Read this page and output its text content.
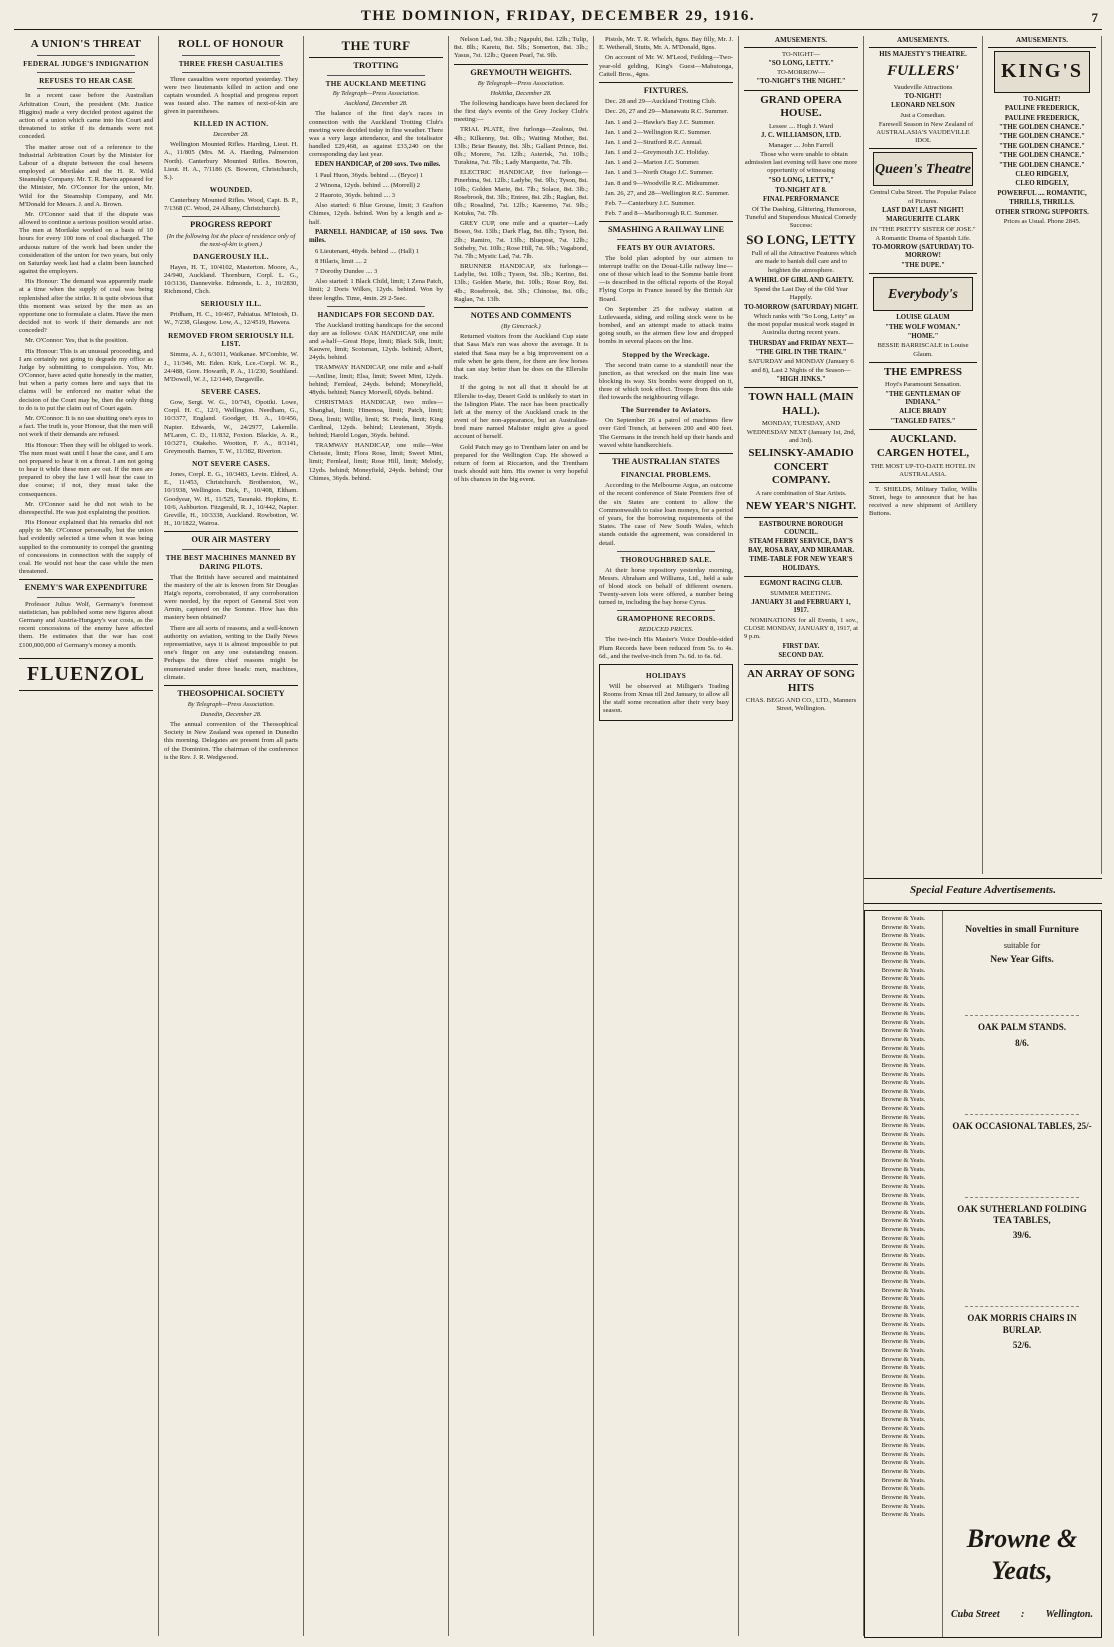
THE DOMINION, FRIDAY, DECEMBER 29, 1916.	7
A UNION'S THREAT
FEDERAL JUDGE'S INDIGNATION
REFUSES TO HEAR CASE

In a recent case before the Australian Arbitration Court, the president (Mr. Justice Higgins) made a very decided protest against the action of a union which came into his Court and threatened to strike if its demands were not conceded.

The matter arose out of a reference to the Industrial Arbitration Court by the Minister for Labour of a dispute between the coal hewers employed at Mortlake and the H. R. Wild Steamship Company. Mr. T. R. Bavin appeared for the Minister, Mr. O'Connor for the union, Mr. Wild for the Steamship Company, and Mr. M'Donald for Messrs. J. and A. Brown.

Mr. O'Connor said that if the dispute was allowed to continue a serious position would arise. The men at Mortlake worked on a basis of 10 hours for every 100 tons of coal discharged. The arduous nature of the work had been under the consideration of the union for two years, but only on Saturday week last had a claim been launched against the employers.

His Honour: The demand was apparently made at a time when the supply of coal was being replenished after the strike. It is quite obvious that this moment was seized by the men as an opportune one to formulate a claim. Have the men decided not to work if their demands are not conceded?

Mr. O'Connor: Yes, that is the position.

His Honour: This is an unusual proceeding, and I am certainly not going to degrade my office as Judge by submitting to compulsion. You, Mr. O'Connor, have acted quite honestly in the matter, but when a party comes here and says that its claims will be enforced no matter what the decision of the Court may be, then the only thing to do is to put the claim out of Court again.

Mr. O'Connor: It is no use shutting one's eyes to a fact. The truth is, your Honour, that the men will not work if their demands are refused.

His Honour: Then they will be obliged to work. The men must wait until I hear the case, and I am not prepared to hear it on a threat. I am not going to hear it while these men are out. If the men are prepared to obey the law I will hear the case in due course; if not, they must take the consequences.

Mr. O'Connor said he did not wish to be disrespectful. He was just explaining the position.

His Honour explained that his remarks did not apply to Mr. O'Connor personally, but the union had evidently selected a time when it was being supplied to the community to compel the granting of concessions in connection with the supply of coal. He would not hear the case while the men threatened.

ENEMY'S WAR EXPENDITURE

Professor Julius Wolf, Germany's foremost statistician, has published some new figures about Germany and Austria-Hungary's war costs, as the recent concessions of the enemy have affected them. He estimates that the war has cost £100,000,000 of Germany's money a month.

FLUENZOL
ROLL OF HONOUR
THREE FRESH CASUALTIES

Three casualties were reported yesterday. They were two lieutenants killed in action and one captain wounded. A hospital and progress report was issued also. The names of next-of-kin are given in parentheses.

KILLED IN ACTION.
December 28.

Wellington Mounted Rifles. Harding, Lieut. H. A., 11/805 (Mrs. M. A. Harding, Palmerston North). Canterbury Mounted Rifles. Bowron, Lieut. H. A., 7/1186 (S. Bowron, Christchurch, S.).

WOUNDED.

Canterbury Mounted Rifles. Wood, Capt. B. P., 7/1368 (C. Wood, 24 Albany, Christchurch).

PROGRESS REPORT
(In the following list the place of residence only of the next-of-kin is given.)
DANGEROUSLY ILL.

Hayes, H. T., 10/4102, Masterton. Moore, A., 24/940, Auckland. Thornburn, Corpl. L. G., 10/3136, Dannevirke. Edmonds, L. J., 10/2830, Richmond, Chch.

SERIOUSLY ILL.

Pridham, H. C., 10/467, Pahiatua. M'Intosh, D. W., 7/238, Glasgow. Low, A., 12/4519, Hawera.

REMOVED FROM SERIOUSLY ILL LIST.

Simms, A. J., 6/3011, Waikanae. M'Combie, W. J., 11/346, Mt. Eden. Kirk, Lce.-Corpl. W. R., 24/488, Gore. Howarth, P. A., 11/230, Southland. M'Dowell, W. J., 12/1440, Dargaville.

SEVERE CASES.

Gow, Sergt. W. G., 10/743, Opotiki. Lowe, Corpl. H. C., 12/1, Wellington. Needham, G., 10/3377, England. Goodger, H. A., 10/456, Napier. Edwards, W., 24/2977, Lakemlle. M'Laren, C. D., 11/832, Foxton. Blackie, A. R., 10/3271, Otakeho. Wootton, F. A., 8/3141, Greymouth. Barnes, T. W., 11/382, Riverton.

NOT SEVERE CASES.

Jones, Corpl. E. G., 10/3483, Levin. Eldred, A. E., 11/453, Christchurch. Brotherston, W., 10/1938, Wellington. Dick, F., 10/408, Eltham. Goodyear, W. H., 11/525, Taranaki. Hopkins, E. 10/6, Ashburton. Fitzgerald, R. J., 10/442, Napier. Greville, H., 10/3338, Auckland. Rowbotton, W. H., 10/1822, Wairoa.

OUR AIR MASTERY
THE BEST MACHINES MANNED BY DARING PILOTS.

That the British have secured and maintained the mastery of the air is known from Sir Douglas Haig's reports, corroborated, if any corroboration were needed, by the report of General Sixt von Armin, captured on the Somme. How has this mastery been obtained?

There are all sorts of reasons, and a well-known authority on aviation, writing to the Daily News representative, says it is almost impossible to put one's finger on any one outstanding reason. Perhaps the three chief reasons might be enumerated under three heads: men, machines, climate.

THEOSOPHICAL SOCIETY
By Telegraph—Press Association.
Dunedin, December 28.

The annual convention of the Theosophical Society in New Zealand was opened in Dunedin this morning. Delegates are present from all parts of the Dominion. The chairman of the conference is the Rev. J. R. Wedgwood.

THE TURF
TROTTING
THE AUCKLAND MEETING
By Telegraph—Press Association.
Auckland, December 28.

The balance of the first day's races in connection with the Auckland Trotting Club's meeting were decided today in fine weather. There was a very large attendance, and the totalisator handled £29,468, as against £33,240 on the corresponding day last year.

EDEN HANDICAP, of 200 sovs. Two miles.

1 Paul Huon, 36yds. behind .... (Bryce) 1

2 Winona, 12yds. behind .... (Morrell) 2

2 Hauroto, 36yds. behind .... 3

Also started: 6 Blue Grouse, limit; 3 Grafton Chimes, 12yds. behind. Won by a length and a-half.

PARNELL HANDICAP, of 150 sovs. Two miles.

6 Lieutenant, 48yds. behind .... (Hall) 1

8 Hilaris, limit .... 2

7 Dorothy Dundee .... 3

Also started: 1 Black Child, limit; 1 Zena Patch, limit; 2 Doris Wilkes, 12yds. behind. Won by three lengths. Time, 4min. 29 2-5sec.

HANDICAPS FOR SECOND DAY.

The Auckland trotting handicaps for the second day are as follows: OAK HANDICAP, one mile and a-half—Great Hope, limit; Black Silk, limit; Kauwre, limit; Scotsman, 12yds. behind; Albert, 24yds. behind.

TRAMWAY HANDICAP, one mile and a-half—Aniline, limit; Elsa, limit; Sweet Mint, 12yds. behind; Fernleaf, 24yds. behind; Moneyfield, 48yds. behind; Nancy Morwell, 60yds. behind.

CHRISTMAS HANDICAP, two miles—Shanghai, limit; Hinemoa, limit; Patch, limit; Dora, limit; Willie, limit; St. Freda, limit; King Cardinal, 12yds. behind; Lieutenant, 36yds. behind; Harold Logan, 36yds. behind.

TRAMWAY HANDICAP, one mile—Wee Chrissie, limit; Flora Rose, limit; Sweet Mint, limit; Fernleaf, limit; Rose Hill, limit; Melody, 12yds. behind; Moneyfield, 24yds. behind; Our Chimes, 36yds. behind.

Nelson Lad, 9st. 3lb.; Ngapuhi, 8st. 12lb.; Tulip, 8st. 8lb.; Karetu, 8st. 5lb.; Somerton, 8st. 3lb.; Yasus, 7st. 12lb.; Queen Pearl, 7st. 9lb.

GREYMOUTH WEIGHTS.
By Telegraph—Press Association.
Hokitika, December 28.

The following handicaps have been declared for the first day's events of the Grey Jockey Club's meeting:—

TRIAL PLATE, five furlongs—Zealous, 9st. 4lb.; Kilkenny, 9st. 0lb.; Waiting Mother, 8st. 13lb.; Briar Beauty, 8st. 3lb.; Gallant Prince, 8st. 0lb.; Morere, 7st. 12lb.; Asterisk, 7st. 10lb.; Turakina, 7st. 7lb.; Lady Marquette, 7st. 7lb.

ELECTRIC HANDICAP, five furlongs—Pinerbina, 9st. 12lb.; Ladybe, 9st. 9lb.; Tyson, 8st. 10lb.; Golden Marie, 8st. 7lb.; Solace, 8st. 3lb.; Rosebrook, 8st. 3lb.; Entree, 8st. 2lb.; Raglan, 8st. 0lb.; Rosalind, 7st. 12lb.; Kareemo, 7st. 9lb.; Kotuku, 7st. 7lb.

GREY CUP, one mile and a quarter—Lady Bosso, 9st. 13lb.; Dark Flag, 8st. 8lb.; Tyson, 8st. 2lb.; Ramiro, 7st. 13lb.; Bluepost, 7st. 12lb.; Sotheby, 7st. 10lb.; Rose Hill, 7st. 9lb.; Vagabond, 7st. 7lb.; Mystic Lad, 7st. 7lb.

BRUNNER HANDICAP, six furlongs—Ladylie, 9st. 10lb.; Tyson, 9st. 3lb.; Kerino, 8st. 13lb.; Golden Marie, 8st. 10lb.; Rose Roy, 8st. 4lb.; Rosebrook, 8st. 3lb.; Chinoise, 8st. 0lb.; Raglan, 7st. 13lb.

NOTES AND COMMENTS
(By Gimcrack.)

Returned visitors from the Auckland Cup state that Sasa Ma's run was above the average. It is stated that Sasa may be a big improvement on a mile when he gets there, for there are few horses that can stay better than he does on the Ellerslie track.

If the going is not all that it should be at Ellerslie to-day, Desert Gold is unlikely to start in the Islington Plate. The race has been practically left at the mercy of the Auckland crack in the event of her non-appearance, but an Australian-bred mare named Maltster might give a good account of herself.

Gold Patch may go to Trentham later on and be prepared for the Wellington Cup. He showed a return of form at Riccarton, and the Trentham track should suit him. His owner is very hopeful of his chances in the big event.

Pistols, Mr. T. R. Whelch, 8gns. Bay filly, Mr. J. E. Wetherall, Stutts, Mr. A. M'Donald, 8gns.

On account of Mr. W. M'Leod, Feilding—Two-year-old gelding, King's Guest—Mahutonga, Cattell Bros., 4gns.

FIXTURES.

Dec. 28 and 29—Auckland Trotting Club.

Dec. 26, 27 and 29—Manawatu R.C. Summer.

Jan. 1 and 2—Hawke's Bay J.C. Summer.

Jan. 1 and 2—Wellington R.C. Summer.

Jan. 1 and 2—Stratford R.C. Annual.

Jan. 1 and 2—Greymouth J.C. Holiday.

Jan. 1 and 2—Marton J.C. Summer.

Jan. 1 and 3—North Otago J.C. Summer.

Jan. 8 and 9—Woodville R.C. Midsummer.

Jan. 26, 27, and 28—Wellington R.C. Summer.

Feb. 7—Canterbury J.C. Summer.

Feb. 7 and 8—Marlborough R.C. Summer.

SMASHING A RAILWAY LINE
FEATS BY OUR AVIATORS.

The bold plan adopted by our airmen to interrupt traffic on the Douai-Lille railway line—one of those which lead to the Somme battle front—is described in the official reports of the Royal Flying Corps in France issued by the British Air Board.

On September 25 the railway station at Lutlevaarda, siding, and rolling stock were to be bombed, and an attempt made to attack trains going south, so the airmen flew low and dropped bombs in several places on the line.

Stopped by the Wreckage.

The second train came to a standstill near the junction, as that wrecked on the main line was blocking its way. Six bombs were dropped on it, three of which took effect. Troops from this side fled towards the neighbouring village.

The Surrender to Aviators.

On September 26 a patrol of machines flew over Gird Trench, at between 200 and 400 feet. The Germans in the trench held up their hands and waved white handkerchiefs.

THE AUSTRALIAN STATES
FINANCIAL PROBLEMS.

According to the Melbourne Argus, an outcome of the recent conference of State Premiers five of the six States are content to allow the Commonwealth to raise loan moneys, for a period of years, for the borrowing requirements of the States. The case of New South Wales, which stands outside the agreement, was considered in detail.

THOROUGHBRED SALE.

At their horse repository yesterday morning, Messrs. Abraham and Williams, Ltd., held a sale of blood stock on behalf of different owners. Twenty-seven lots were offered, a number being turned in, including the bay horse Cyrus.

GRAMOPHONE RECORDS.
REDUCED PRICES.

The two-inch His Master's Voice Double-sided Plum Records have been reduced from 5s. to 4s. 6d., and the twelve-inch from 7s. 6d. to 6s. 6d.

HOLIDAYS

Will be observed at Milligan's Trading Rooms from Xmas till 2nd January, to allow all the staff some recreation after their very busy season.

AMUSEMENTS.
TO-NIGHT—
"SO LONG, LETTY."
TO-MORROW—
"TO-NIGHT'S THE NIGHT."
GRAND OPERA HOUSE.
Lessee .... Hugh J. Ward
J. C. WILLIAMSON, LTD.
Manager .... John Farrell

Those who were unable to obtain admission last evening will have one more opportunity of witnessing

"SO LONG, LETTY,"
TO-NIGHT AT 8.
FINAL PERFORMANCE

Of The Dashing, Glittering, Humorous, Tuneful and Stupendous Musical Comedy Success:

SO LONG, LETTY

Full of all the Attractive Features which are made to banish dull care and to heighten the atmosphere.

A WHIRL OF GIRL AND GAIETY.
Spend the Last Day of the Old Year Happily.
TO-MORROW (SATURDAY) NIGHT.

Which ranks with "So Long, Letty" as the most popular musical work staged in Australia during recent years.

THURSDAY and FRIDAY NEXT—
"THE GIRL IN THE TRAIN."
SATURDAY and MONDAY (January 6 and 8), Last 2 Nights of the Season—
"HIGH JINKS."
TOWN HALL (MAIN HALL).
MONDAY, TUESDAY, AND WEDNESDAY NEXT (January 1st, 2nd, and 3rd).
SELINSKY-AMADIO CONCERT COMPANY.
A rare combination of Star Artists.
NEW YEAR'S NIGHT.
EASTBOURNE BOROUGH COUNCIL.
STEAM FERRY SERVICE, DAY'S BAY, ROSA BAY, AND MIRAMAR.
TIME-TABLE FOR NEW YEAR'S HOLIDAYS.
EGMONT RACING CLUB.
SUMMER MEETING.
JANUARY 31 and FEBRUARY 1, 1917.

NOMINATIONS for all Events, 1 sov., CLOSE MONDAY, JANUARY 8, 1917, at 9 p.m.

FIRST DAY.
SECOND DAY.
AN ARRAY OF SONG HITS
CHAS. BEGG AND CO., LTD., Manners Street, Wellington.
AMUSEMENTS.
HIS MAJESTY'S THEATRE.
FULLERS'
Vaudeville Attractions
TO-NIGHT!
LEONARD NELSON
Just a Comedian.

Farewell Season in New Zealand of AUSTRALASIA'S VAUDEVILLE IDOL

Queen's Theatre
Central Cuba Street. The Popular Palace of Pictures.
LAST DAY! LAST NIGHT!
MARGUERITE CLARK
IN "THE PRETTY SISTER OF JOSE."
A Romantic Drama of Spanish Life.
TO-MORROW (SATURDAY) TO-MORROW!
"THE DUPE."
Everybody's
LOUISE GLAUM
"THE WOLF WOMAN."
"HOME."
BESSIE BARRISCALE in Louise Glaum.
THE EMPRESS
Hoyt's Paramount Sensation.
"THE GENTLEMAN OF INDIANA."
ALICE BRADY
"TANGLED FATES."
AUCKLAND. CARGEN HOTEL,
THE MOST UP-TO-DATE HOTEL IN AUSTRALASIA.

T. SHIELDS, Military Tailor, Willis Street, begs to announce that he has received a new shipment of Artillery Buttons.

AMUSEMENTS.
KING'S
TO-NIGHT!
PAULINE FREDERICK,
PAULINE FREDERICK,
"THE GOLDEN CHANCE."
"THE GOLDEN CHANCE."
"THE GOLDEN CHANCE."
"THE GOLDEN CHANCE."
"THE GOLDEN CHANCE."
CLEO RIDGELY,
CLEO RIDGELY,
POWERFUL .... ROMANTIC,
THRILLS, THRILLS.
OTHER STRONG SUPPORTS.
Prices as Usual. Phone 2845.
Special Feature Advertisements.
Browne & Yeats.
Browne & Yeats.
Browne & Yeats.
Browne & Yeats.
Browne & Yeats.
Browne & Yeats.
Browne & Yeats.
Browne & Yeats.
Browne & Yeats.
Browne & Yeats.
Browne & Yeats.
Browne & Yeats.
Browne & Yeats.
Browne & Yeats.
Browne & Yeats.
Browne & Yeats.
Browne & Yeats.
Browne & Yeats.
Browne & Yeats.
Browne & Yeats.
Browne & Yeats.
Browne & Yeats.
Browne & Yeats.
Browne & Yeats.
Browne & Yeats.
Browne & Yeats.
Browne & Yeats.
Browne & Yeats.
Browne & Yeats.
Browne & Yeats.
Browne & Yeats.
Browne & Yeats.
Browne & Yeats.
Browne & Yeats.
Browne & Yeats.
Browne & Yeats.
Browne & Yeats.
Browne & Yeats.
Browne & Yeats.
Browne & Yeats.
Browne & Yeats.
Browne & Yeats.
Browne & Yeats.
Browne & Yeats.
Browne & Yeats.
Browne & Yeats.
Browne & Yeats.
Browne & Yeats.
Browne & Yeats.
Browne & Yeats.
Browne & Yeats.
Browne & Yeats.
Browne & Yeats.
Browne & Yeats.
Browne & Yeats.
Browne & Yeats.
Browne & Yeats.
Browne & Yeats.
Browne & Yeats.
Browne & Yeats.
Browne & Yeats.
Browne & Yeats.
Browne & Yeats.
Browne & Yeats.
Browne & Yeats.
Browne & Yeats.
Browne & Yeats.
Browne & Yeats.
Browne & Yeats.
Browne & Yeats.
Novelties in small Furniture
suitable for
New Year Gifts.
OAK PALM STANDS.
8/6.
OAK OCCASIONAL TABLES, 25/-
OAK SUTHERLAND FOLDING TEA TABLES,
39/6.
OAK MORRIS CHAIRS IN BURLAP.
52/6.
Browne & Yeats,
Cuba Street : Wellington.
